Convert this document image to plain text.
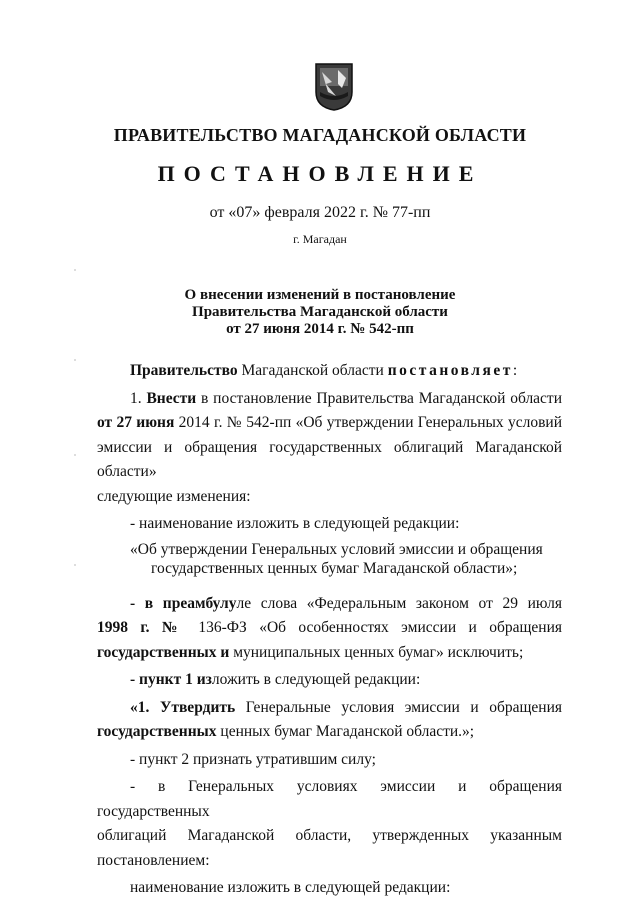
ПРАВИТЕЛЬСТВО МАГАДАНСКОЙ ОБЛАСТИ
ПОСТАНОВЛЕНИЕ
от «07» февраля 2022 г. № 77-пп
г. Магадан
О внесении изменений в постановление
Правительства Магаданской области
от 27 июня 2014 г. № 542-пп

Правительство Магаданской области постановляет:

1. Внести в постановление Правительства Магаданской области

от 27 июня 2014 г. № 542-пп «Об утверждении Генеральных условий

эмиссии и обращения государственных облигаций Магаданской области»

следующие изменения:

- наименование изложить в следующей редакции:

«Об утверждении Генеральных условий эмиссии и обращения
государственных ценных бумаг Магаданской области»;

- в преамбулуле слова «Федеральным законом от 29 июля

1998 г. № 136-ФЗ «Об особенностях эмиссии и обращения

государственных и муниципальных ценных бумаг» исключить;

- пункт 1 изложить в следующей редакции:

«1. Утвердить Генеральные условия эмиссии и обращения

государственных ценных бумаг Магаданской области.»;

- пункт 2 признать утратившим силу;

- в Генеральных условиях эмиссии и обращения государственных

облигаций Магаданской области, утвержденных указанным

постановлением:

наименование изложить в следующей редакции:
